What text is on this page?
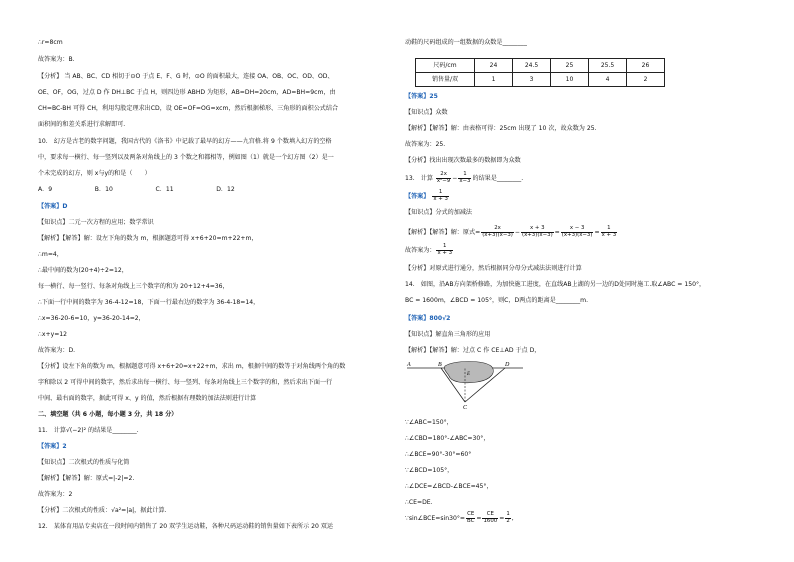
∴r=8cm
故答案为：B.
【分析】 当 AB、BC、CD 相切于⊙O 于点 E、F、G 时，⊙O 的面积最大，连接 OA、OB、OC、OD、OD、
OE、OF，OG，过点 D 作 DH⊥BC 于点 H，则四边形 ABHD 为矩形，AB=DH=20cm，AD=BH=9cm，由
CH=BC-BH 可得 CH，利用勾股定理求出CD，设 OE=OF=OG=xcm，然后根据梯形、三角形的面积公式结合
面积间的和差关系进行求解即可.
10.　幻方是古老的数字问题，我国古代的《洛书》中记载了最早的幻方——九宫格.将 9 个数填入幻方的空格
中，要求每一横行、每一竖列以及两条对角线上的 3 个数之和都相等，例如图（1）就是一个幻方图（2）是一
个未完成的幻方，则 x与y的和是（　　）
A．9　　　　　　　B．10　　　　　　　C．11　　　　　　　D．12
【答案】D
【知识点】二元一次方程的应用；数学常识
【解析】【解答】解：设左下角的数为 m，根据题意可得 x+6+20=m+22+m，
∴m=4，
∴最中间的数为(20+4)÷2=12，
每一横行、每一竖行、每条对角线上三个数字的和为 20+12+4=36，
∴下面一行中间的数字为 36-4-12=18，下面一行最右边的数字为 36-4-18=14，
∴x=36-20-6=10，y=36-20-14=2，
∴x+y=12
故答案为：D.
【分析】设左下角的数为 m，根据题意可得 x+6+20=x+22+m，求出 m，根据中间的数等于对角线两个角的数
字和除以 2 可得中间的数字，然后求出每一横行、每一竖列、每条对角线上三个数字的和，然后求出下面一行
中间、最右面的数字，据此可得 x、y 的值，然后根据有理数的加法法则进行计算
二、填空题（共 6 小题，每小题 3 分，共 18 分）
11.　计算√(−2)² 的结果是________.
【答案】2
【知识点】二次根式的性质与化简
【解析】【解答】解：原式=|-2|=2.
故答案为：2
【分析】二次根式的性质：√a²=|a|，据此计算.
12.　某体育用品专卖店在一段时间内销售了 20 双学生运动鞋，各种尺码运动鞋的销售量如下表所示 20 双运
动鞋的尺码组成的一组数据的众数是________
尺码/cm	24	24.5	25	25.5	26
销售量/双	1	3	10	4	2
【答案】25
【知识点】众数
【解析】【解答】解：由表格可得：25cm 出现了 10 次，故众数为 25.
故答案为：25.
【分析】找出出现次数最多的数据即为众数
13.　计算 $\frac{2x}{\text{x²−9}} - \frac{1}{x-3}$ 的结果是________.
【答案】 $\frac{1}{x + 3}$
【知识点】分式的加减法
【解析】【解答】解：原式= $\frac{2x}{(x+3)(x-3)} - \frac{x + 3}{(x+3)(x-3)} = \frac{x - 3}{(x+3)(x-3)} = \frac{1}{x + 3}$
故答案为： $\frac{1}{x + 3}$
【分析】对原式进行通分，然后根据同分母分式减法法则进行计算
14.　如图，沿AB方向架桥修路，为加快施工进度，在直线AB上湖的另一边的D处同时施工.取∠ABC = 150°，
BC = 1600m，∠BCD = 105°，则C，D两点的距离是________m.
【答案】800√2
【知识点】解直角三角形的应用
【解析】【解答】解：过点 C 作 CE⊥AD 于点 D，
A	B	D
E
C
∵∠ABC=150°，
∴∠CBD=180°-∠ABC=30°，
∴∠BCE=90°-30°=60°
∵∠BCD=105°，
∴∠DCE=∠BCD-∠BCE=45°，
∴CE=DE.
∵sin∠BCE=sin30°= $\frac{CE}{BC} = \frac{CE}{1600} = \frac{1}{2}$ ,
